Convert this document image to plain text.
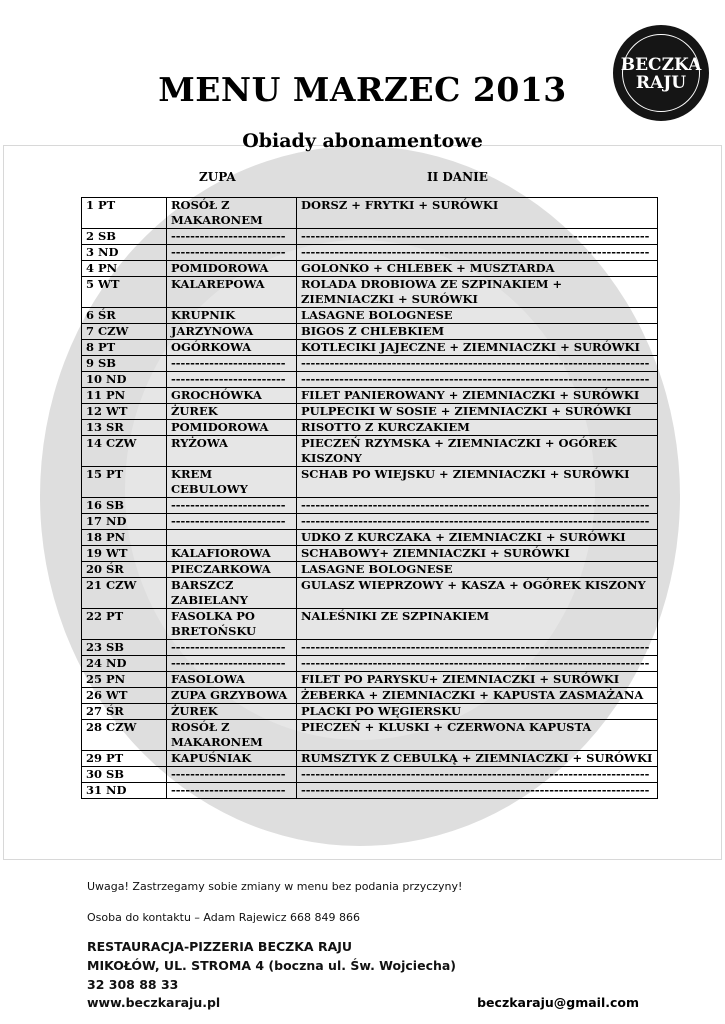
BECZKA
RAJU
MENU MARZEC 2013
Obiady abonamentowe
ZUPA	II DANIE
1 PT	ROSÓŁ Z MAKARONEM	DORSZ + FRYTKI + SURÓWKI
2 SB	------------------------	-------------------------------------------------------------------------
3 ND	------------------------	-------------------------------------------------------------------------
4 PN	POMIDOROWA	GOLONKO + CHLEBEK + MUSZTARDA
5 WT	KALAREPOWA	ROLADA DROBIOWA ZE SZPINAKIEM + ZIEMNIACZKI + SURÓWKI
6 ŚR	KRUPNIK	LASAGNE BOLOGNESE
7 CZW	JARZYNOWA	BIGOS Z CHLEBKIEM
8 PT	OGÓRKOWA	KOTLECIKI JAJECZNE + ZIEMNIACZKI + SURÓWKI
9 SB	------------------------	-------------------------------------------------------------------------
10 ND	------------------------	-------------------------------------------------------------------------
11 PN	GROCHÓWKA	FILET PANIEROWANY + ZIEMNIACZKI + SURÓWKI
12 WT	ŻUREK	PULPECIKI W SOSIE + ZIEMNIACZKI + SURÓWKI
13 SR	POMIDOROWA	RISOTTO Z KURCZAKIEM
14 CZW	RYŻOWA	PIECZEŃ RZYMSKA + ZIEMNIACZKI + OGÓREK KISZONY
15 PT	KREM CEBULOWY	SCHAB PO WIEJSKU + ZIEMNIACZKI + SURÓWKI
16 SB	------------------------	-------------------------------------------------------------------------
17 ND	------------------------	-------------------------------------------------------------------------
18 PN		UDKO Z KURCZAKA + ZIEMNIACZKI + SURÓWKI
19 WT	KALAFIOROWA	SCHABOWY+ ZIEMNIACZKI + SURÓWKI
20 ŚR	PIECZARKOWA	LASAGNE BOLOGNESE
21 CZW	BARSZCZ ZABIELANY	GULASZ WIEPRZOWY + KASZA + OGÓREK KISZONY
22 PT	FASOLKA PO BRETOŃSKU	NALEŚNIKI ZE SZPINAKIEM
23 SB	------------------------	-------------------------------------------------------------------------
24 ND	------------------------	-------------------------------------------------------------------------
25 PN	FASOLOWA	FILET PO PARYSKU+ ZIEMNIACZKI + SURÓWKI
26 WT	ZUPA GRZYBOWA	ŻEBERKA + ZIEMNIACZKI + KAPUSTA ZASMAŻANA
27 ŚR	ŻUREK	PLACKI PO WĘGIERSKU
28 CZW	ROSÓŁ Z MAKARONEM	PIECZEŃ + KLUSKI + CZERWONA KAPUSTA
29 PT	KAPUŚNIAK	RUMSZTYK Z CEBULKĄ + ZIEMNIACZKI + SURÓWKI
30 SB	------------------------	-------------------------------------------------------------------------
31 ND	------------------------	-------------------------------------------------------------------------
Uwaga! Zastrzegamy sobie zmiany w menu bez podania przyczyny!
Osoba do kontaktu – Adam Rajewicz 668 849 866
RESTAURACJA-PIZZERIA BECZKA RAJU
MIKOŁÓW, UL. STROMA 4 (boczna ul. Św. Wojciecha)
32 308 88 33
www.beczkaraju.pl	beczkaraju@gmail.com
